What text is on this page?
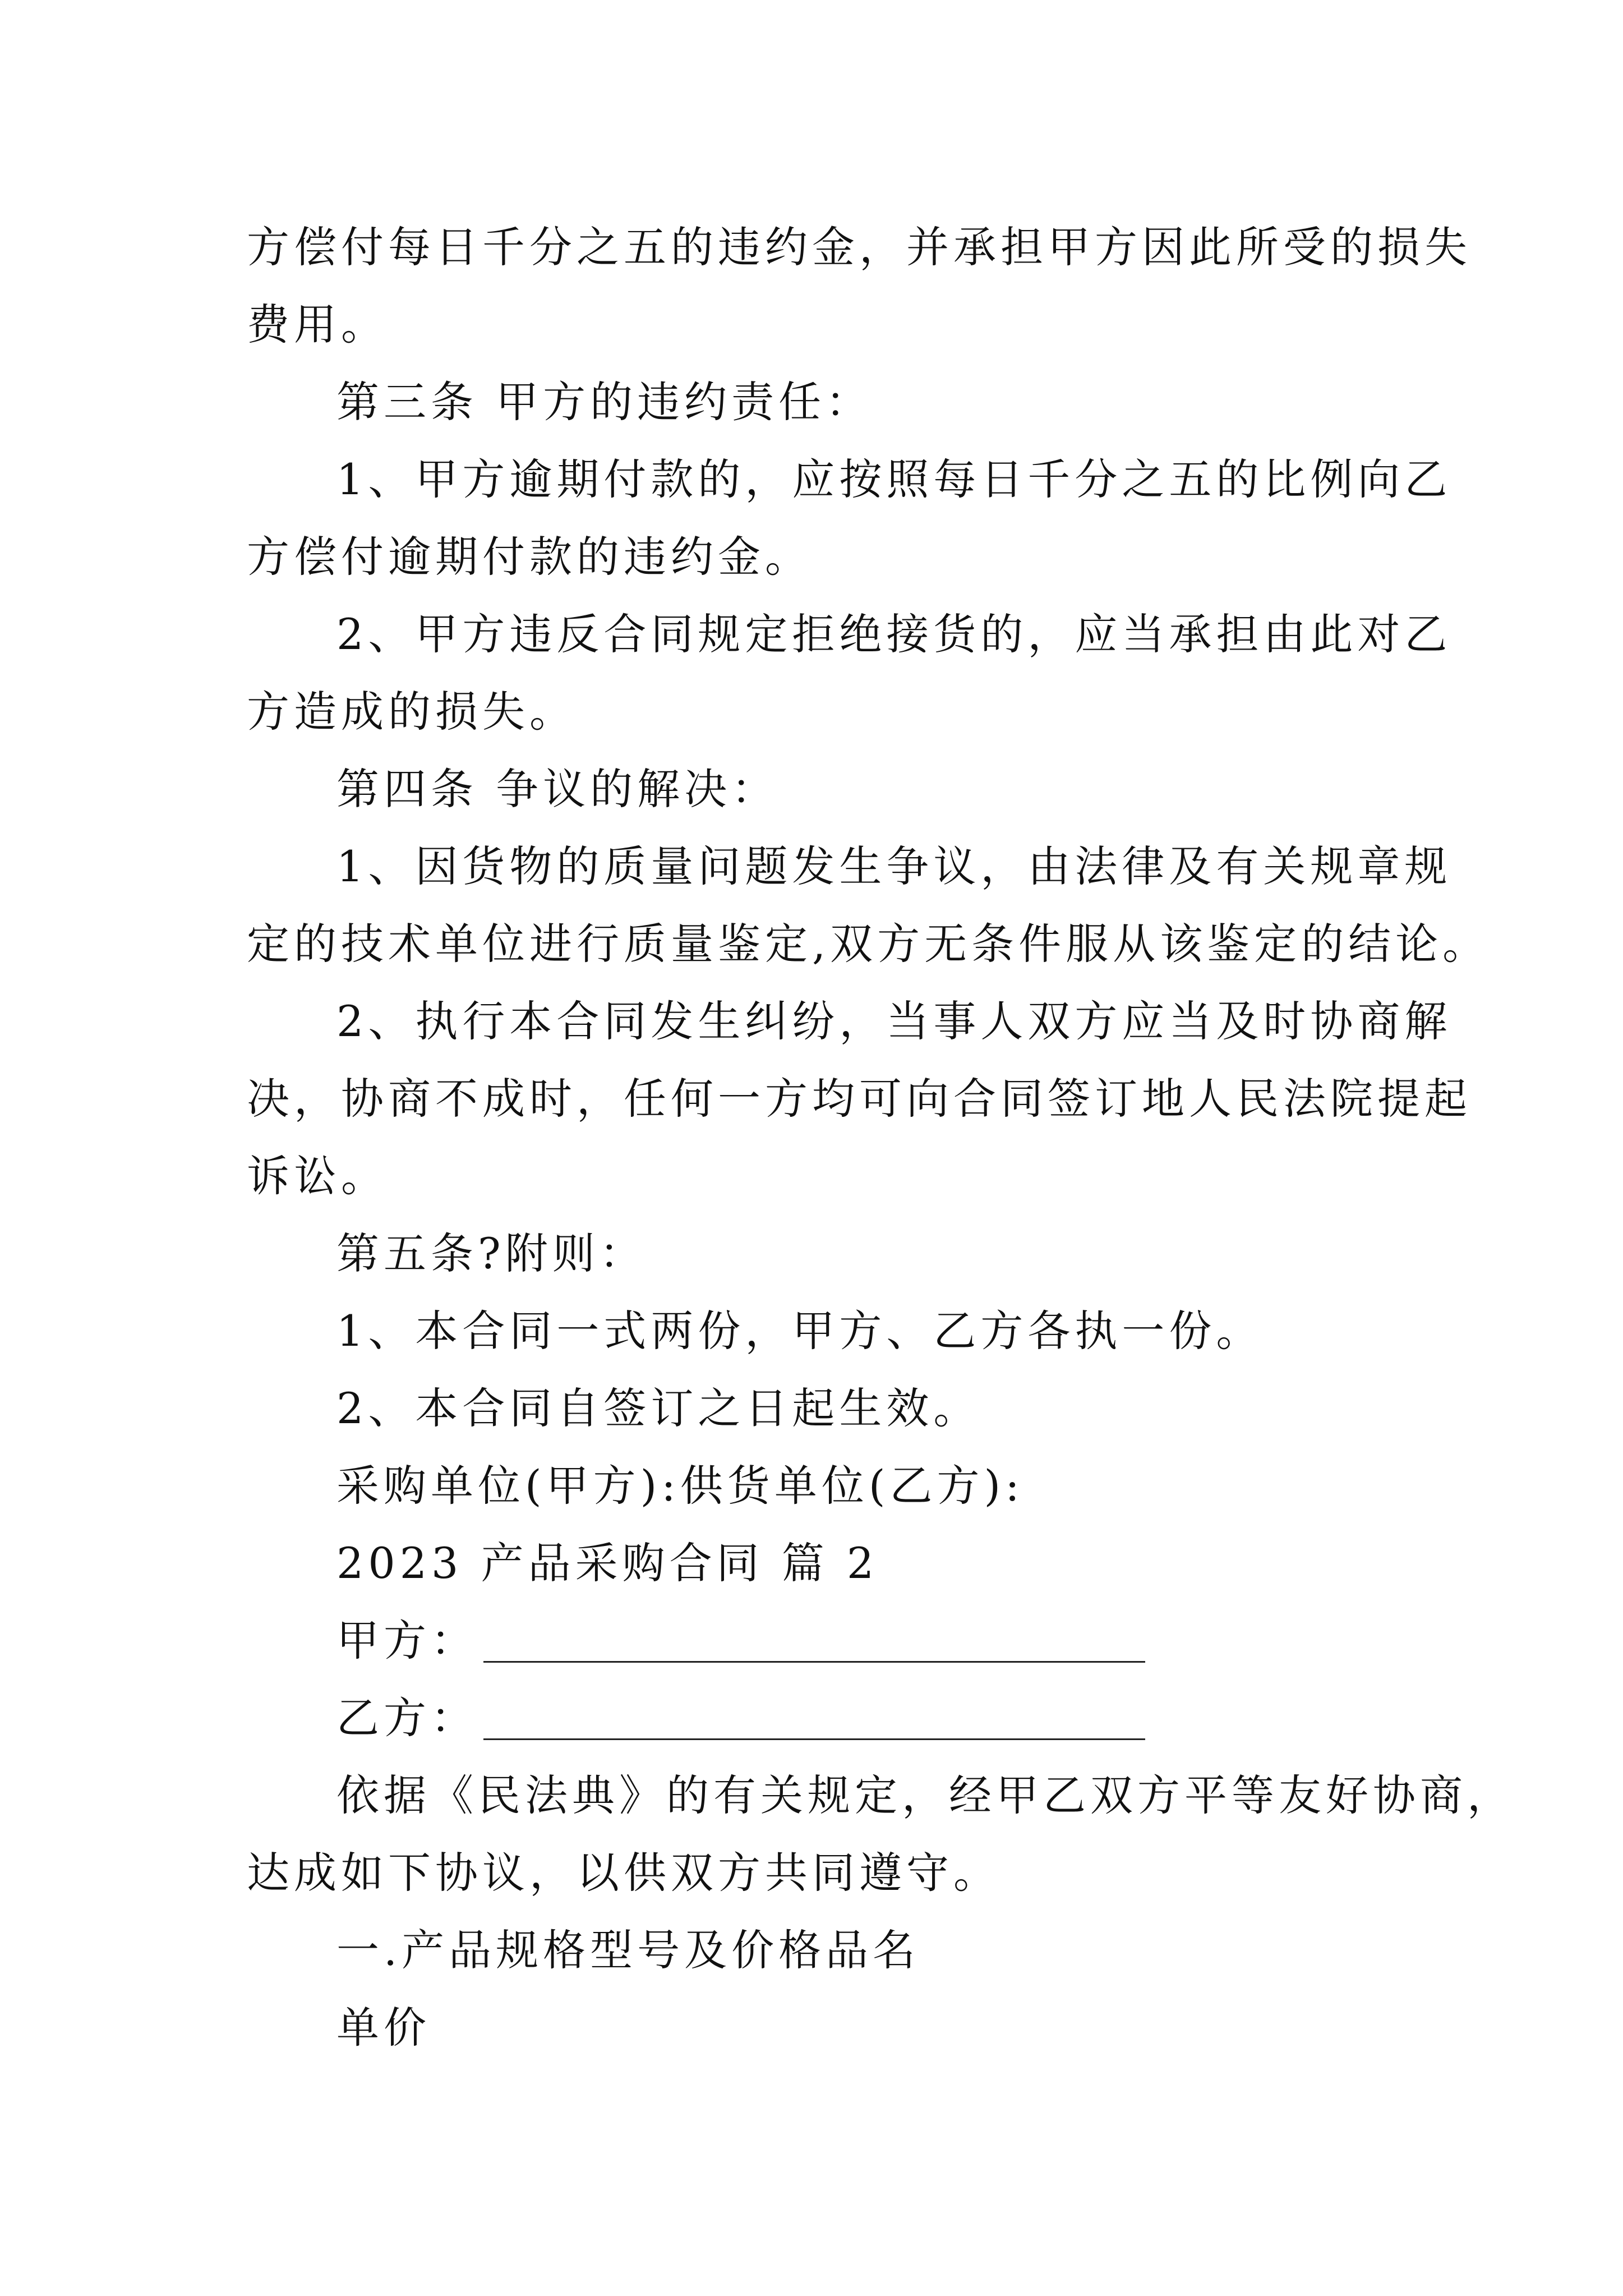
方偿付每日千分之五的违约金，并承担甲方因此所受的损失
费用。
第三条 甲方的违约责任：
1、甲方逾期付款的，应按照每日千分之五的比例向乙
方偿付逾期付款的违约金。
2、甲方违反合同规定拒绝接货的，应当承担由此对乙
方造成的损失。
第四条 争议的解决：
1、因货物的质量问题发生争议，由法律及有关规章规
定的技术单位进行质量鉴定,双方无条件服从该鉴定的结论。
2、执行本合同发生纠纷，当事人双方应当及时协商解
决，协商不成时，任何一方均可向合同签订地人民法院提起
诉讼。
第五条?附则：
1、本合同一式两份，甲方、乙方各执一份。
2、本合同自签订之日起生效。
采购单位(甲方):供货单位(乙方):
2023 产品采购合同 篇 2
甲方：
乙方：
依据《民法典》的有关规定，经甲乙双方平等友好协商，
达成如下协议，以供双方共同遵守。
一.产品规格型号及价格品名
单价
